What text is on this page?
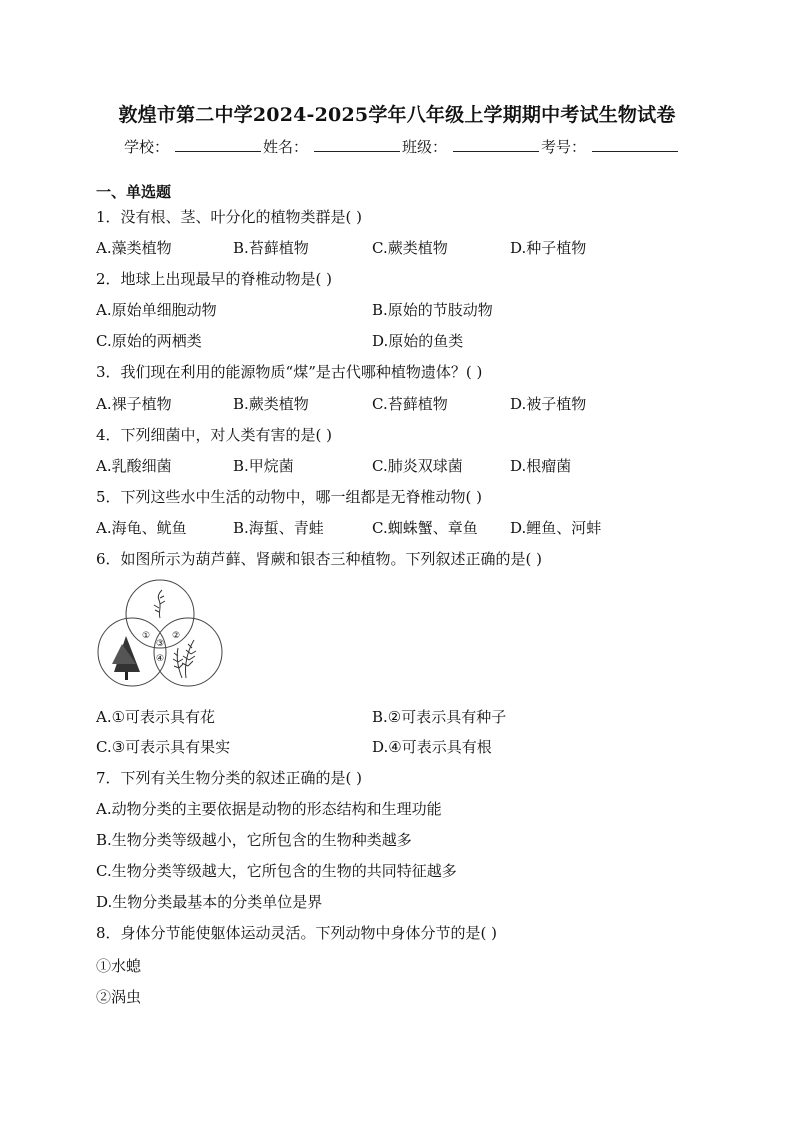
敦煌市第二中学2024-2025学年八年级上学期期中考试生物试卷
学校：	姓名：	班级：	考号：
一、单选题
1．没有根、茎、叶分化的植物类群是( )
A.藻类植物	B.苔藓植物	C.蕨类植物	D.种子植物
2．地球上出现最早的脊椎动物是( )
A.原始单细胞动物	B.原始的节肢动物
C.原始的两栖类	D.原始的鱼类
3．我们现在利用的能源物质“煤”是古代哪种植物遗体？( )
A.裸子植物	B.蕨类植物	C.苔藓植物	D.被子植物
4．下列细菌中，对人类有害的是( )
A.乳酸细菌	B.甲烷菌	C.肺炎双球菌	D.根瘤菌
5．下列这些水中生活的动物中，哪一组都是无脊椎动物( )
A.海龟、鱿鱼	B.海蜇、青蛙	C.蜘蛛蟹、章鱼 D.鲤鱼、河蚌
6．如图所示为葫芦藓、肾蕨和银杏三种植物。下列叙述正确的是( )
① ②
③
④
A.①可表示具有花	B.②可表示具有种子
C.③可表示具有果实	D.④可表示具有根
7．下列有关生物分类的叙述正确的是( )
A.动物分类的主要依据是动物的形态结构和生理功能
B.生物分类等级越小，它所包含的生物种类越多
C.生物分类等级越大，它所包含的生物的共同特征越多
D.生物分类最基本的分类单位是界
8．身体分节能使躯体运动灵活。下列动物中身体分节的是( )
①水螅
②涡虫
